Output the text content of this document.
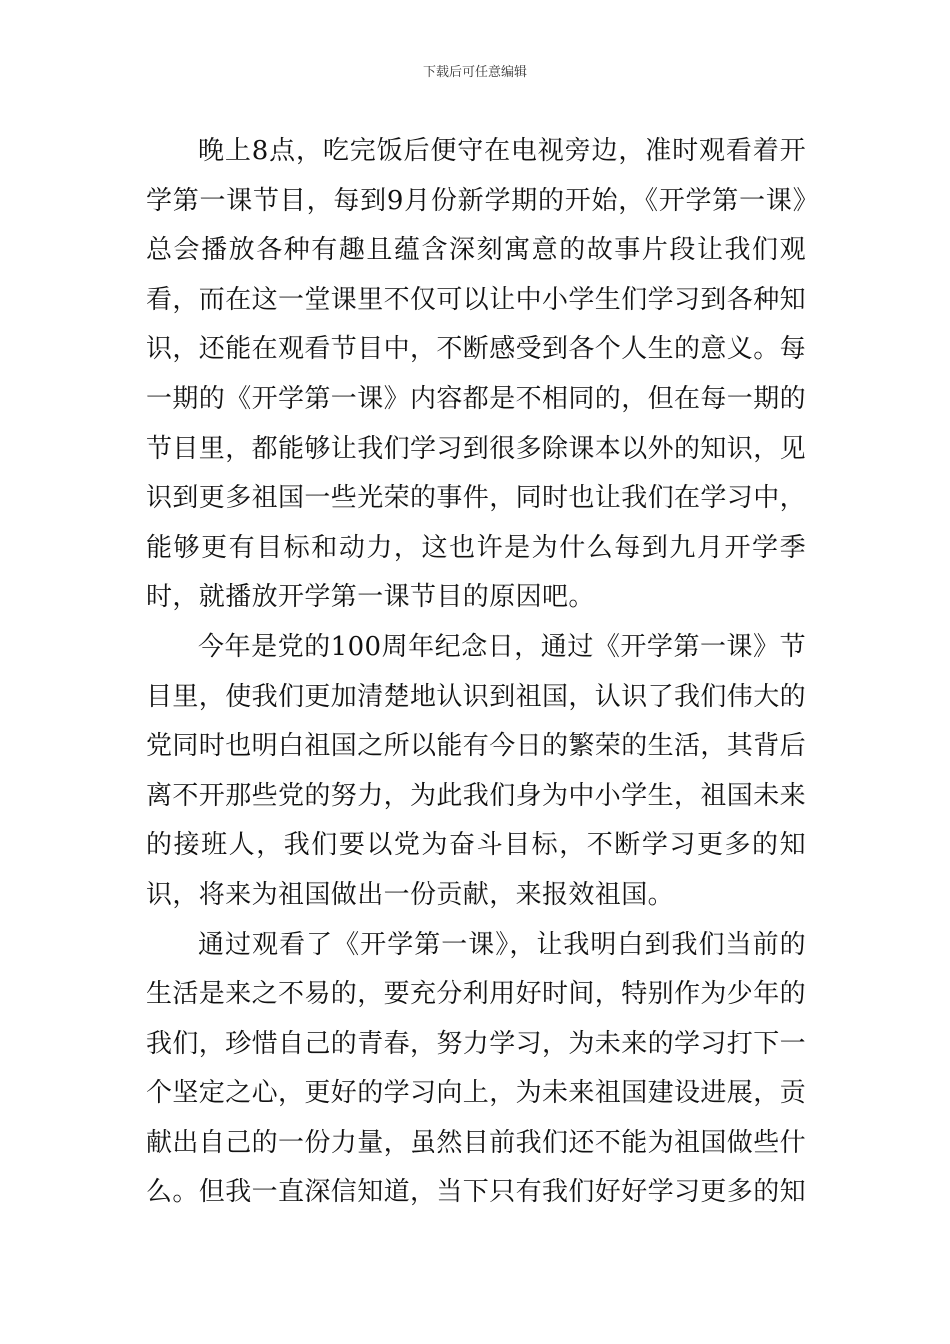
下载后可任意编辑

晚上8点，吃完饭后便守在电视旁边，准时观看着开学第一课节目，每到9月份新学期的开始，《开学第一课》总会播放各种有趣且蕴含深刻寓意的故事片段让我们观看，而在这一堂课里不仅可以让中小学生们学习到各种知识，还能在观看节目中，不断感受到各个人生的意义。每一期的《开学第一课》内容都是不相同的，但在每一期的节目里，都能够让我们学习到很多除课本以外的知识，见识到更多祖国一些光荣的事件，同时也让我们在学习中，能够更有目标和动力，这也许是为什么每到九月开学季时，就播放开学第一课节目的原因吧。

今年是党的100周年纪念日，通过《开学第一课》节目里，使我们更加清楚地认识到祖国，认识了我们伟大的党同时也明白祖国之所以能有今日的繁荣的生活，其背后离不开那些党的努力，为此我们身为中小学生，祖国未来的接班人，我们要以党为奋斗目标，不断学习更多的知识，将来为祖国做出一份贡献，来报效祖国。

通过观看了《开学第一课》，让我明白到我们当前的生活是来之不易的，要充分利用好时间，特别作为少年的我们，珍惜自己的青春，努力学习，为未来的学习打下一个坚定之心，更好的学习向上，为未来祖国建设进展，贡献出自己的一份力量，虽然目前我们还不能为祖国做些什么。但我一直深信知道，当下只有我们好好学习更多的知
